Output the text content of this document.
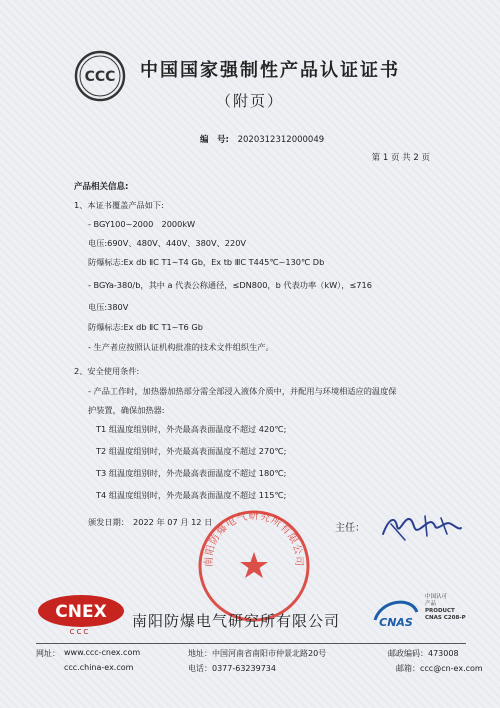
CCC 中国国家强制性产品认证证书
（附页）
编　号: 2020312312000049
第 1 页 共 2 页
产品相关信息:
1、本证书覆盖产品如下:
- BGY100~2000　2000kW
电压:690V、480V、440V、380V、220V
防爆标志:Ex db ⅡC T1~T4 Gb，Ex tb ⅢC T445℃~130℃ Db
- BGYa-380/b，其中 a 代表公称通径，≤DN800，b 代表功率（kW），≤716
电压:380V
防爆标志:Ex db ⅡC T1~T6 Gb
- 生产者应按照认证机构批准的技术文件组织生产。
2、安全使用条件:
- 产品工作时，加热器加热部分需全部浸入液体介质中，并配用与环境相适应的温度保
护装置，确保加热器:
T1 组温度组别时，外壳最高表面温度不超过 420℃;
T2 组温度组别时，外壳最高表面温度不超过 270℃;
T3 组温度组别时，外壳最高表面温度不超过 180℃;
T4 组温度组别时，外壳最高表面温度不超过 115℃;
颁发日期：　2022 年 07 月 12 日
南阳防爆电气研究所有限公司
主任：
CNEX
CCC
南阳防爆电气研究所有限公司	CNAS
中国认可
产品
PRODUCT
CNAS C208-P
网址： www.ccc-cnex.com
ccc.china-ex.com
地址：中国河南省南阳市仲景北路20号
电话：0377-63239734
邮政编码：473008
邮箱：ccc@cn-ex.com
